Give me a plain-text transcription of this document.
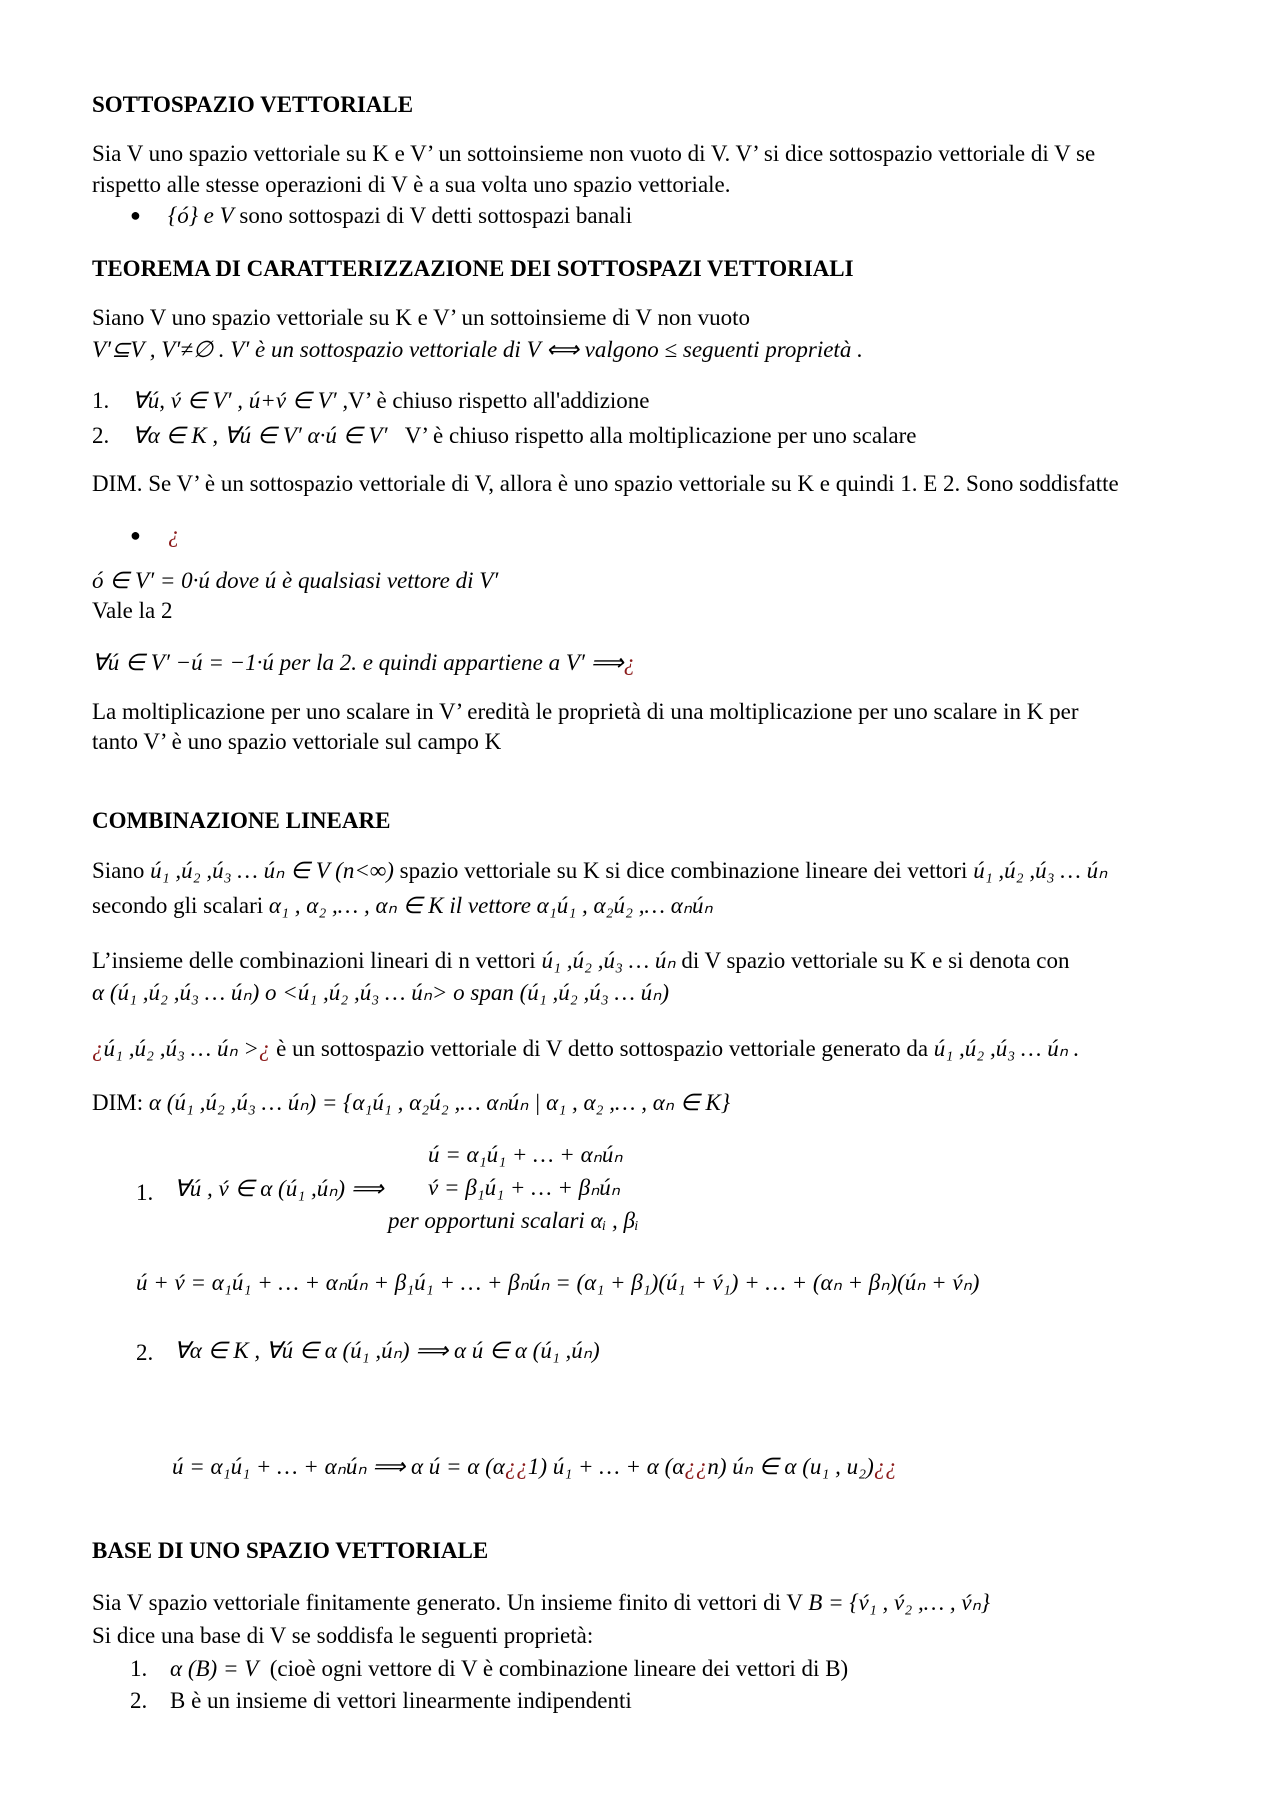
SOTTOSPAZIO VETTORIALE
Sia V uno spazio vettoriale su K e V’ un sottoinsieme non vuoto di V. V’ si dice sottospazio vettoriale di V se
rispetto alle stesse operazioni di V è a sua volta uno spazio vettoriale.
● {ó} e V sono sottospazi di V detti sottospazi banali
TEOREMA DI CARATTERIZZAZIONE DEI SOTTOSPAZI VETTORIALI
Siano V uno spazio vettoriale su K e V’ un sottoinsieme di V non vuoto
V′⊆V , V′≠∅ . V′ è un sottospazio vettoriale di V ⟺ valgono ≤ seguenti proprietà .
1. ∀ú, v́ ∈ V′ , ú+v́ ∈ V′ ,V’ è chiuso rispetto all'addizione
2. ∀α ∈ K , ∀ú ∈ V′ α·ú ∈ V′ V’ è chiuso rispetto alla moltiplicazione per uno scalare
DIM. Se V’ è un sottospazio vettoriale di V, allora è uno spazio vettoriale su K e quindi 1. E 2. Sono soddisfatte
● ¿
ó ∈ V′ = 0·ú dove ú è qualsiasi vettore di V′
Vale la 2
∀ú ∈ V′ −ú = −1·ú per la 2. e quindi appartiene a V′ ⟹¿
La moltiplicazione per uno scalare in V’ eredità le proprietà di una moltiplicazione per uno scalare in K per
tanto V’ è uno spazio vettoriale sul campo K
COMBINAZIONE LINEARE
Siano ú₁ ,ú₂ ,ú₃ … úₙ ∈ V (n<∞) spazio vettoriale su K si dice combinazione lineare dei vettori ú₁ ,ú₂ ,ú₃ … úₙ
secondo gli scalari α₁ , α₂ ,… , αₙ ∈ K il vettore α₁ú₁ , α₂ú₂ ,… αₙúₙ
L’insieme delle combinazioni lineari di n vettori ú₁ ,ú₂ ,ú₃ … úₙ di V spazio vettoriale su K e si denota con
α (ú₁ ,ú₂ ,ú₃ … úₙ) o <ú₁ ,ú₂ ,ú₃ … úₙ> o span (ú₁ ,ú₂ ,ú₃ … úₙ)
¿ú₁ ,ú₂ ,ú₃ … úₙ >¿ è un sottospazio vettoriale di V detto sottospazio vettoriale generato da ú₁ ,ú₂ ,ú₃ … úₙ .
DIM: α (ú₁ ,ú₂ ,ú₃ … úₙ) = {α₁ú₁ , α₂ú₂ ,… αₙúₙ | α₁ , α₂ ,… , αₙ ∈ K}
1. ∀ú , v́ ∈ α (ú₁ ,úₙ) ⟹
ú = α₁ú₁ + … + αₙúₙ
v́ = β₁ú₁ + … + βₙúₙ
per opportuni scalari αᵢ , βᵢ
ú + v́ = α₁ú₁ + … + αₙúₙ + β₁ú₁ + … + βₙúₙ = (α₁ + β₁)(ú₁ + v́₁) + … + (αₙ + βₙ)(úₙ + v́ₙ)
2. ∀α ∈ K , ∀ú ∈ α (ú₁ ,úₙ) ⟹ α ú ∈ α (ú₁ ,úₙ)
ú = α₁ú₁ + … + αₙúₙ ⟹ α ú = α (α¿¿1) ú₁ + … + α (α¿¿n) úₙ ∈ α (u₁ , u₂)¿¿
BASE DI UNO SPAZIO VETTORIALE
Sia V spazio vettoriale finitamente generato. Un insieme finito di vettori di V B = {v́₁ , v́₂ ,… , v́ₙ}
Si dice una base di V se soddisfa le seguenti proprietà:
1. α (B) = V (cioè ogni vettore di V è combinazione lineare dei vettori di B)
2. B è un insieme di vettori linearmente indipendenti
